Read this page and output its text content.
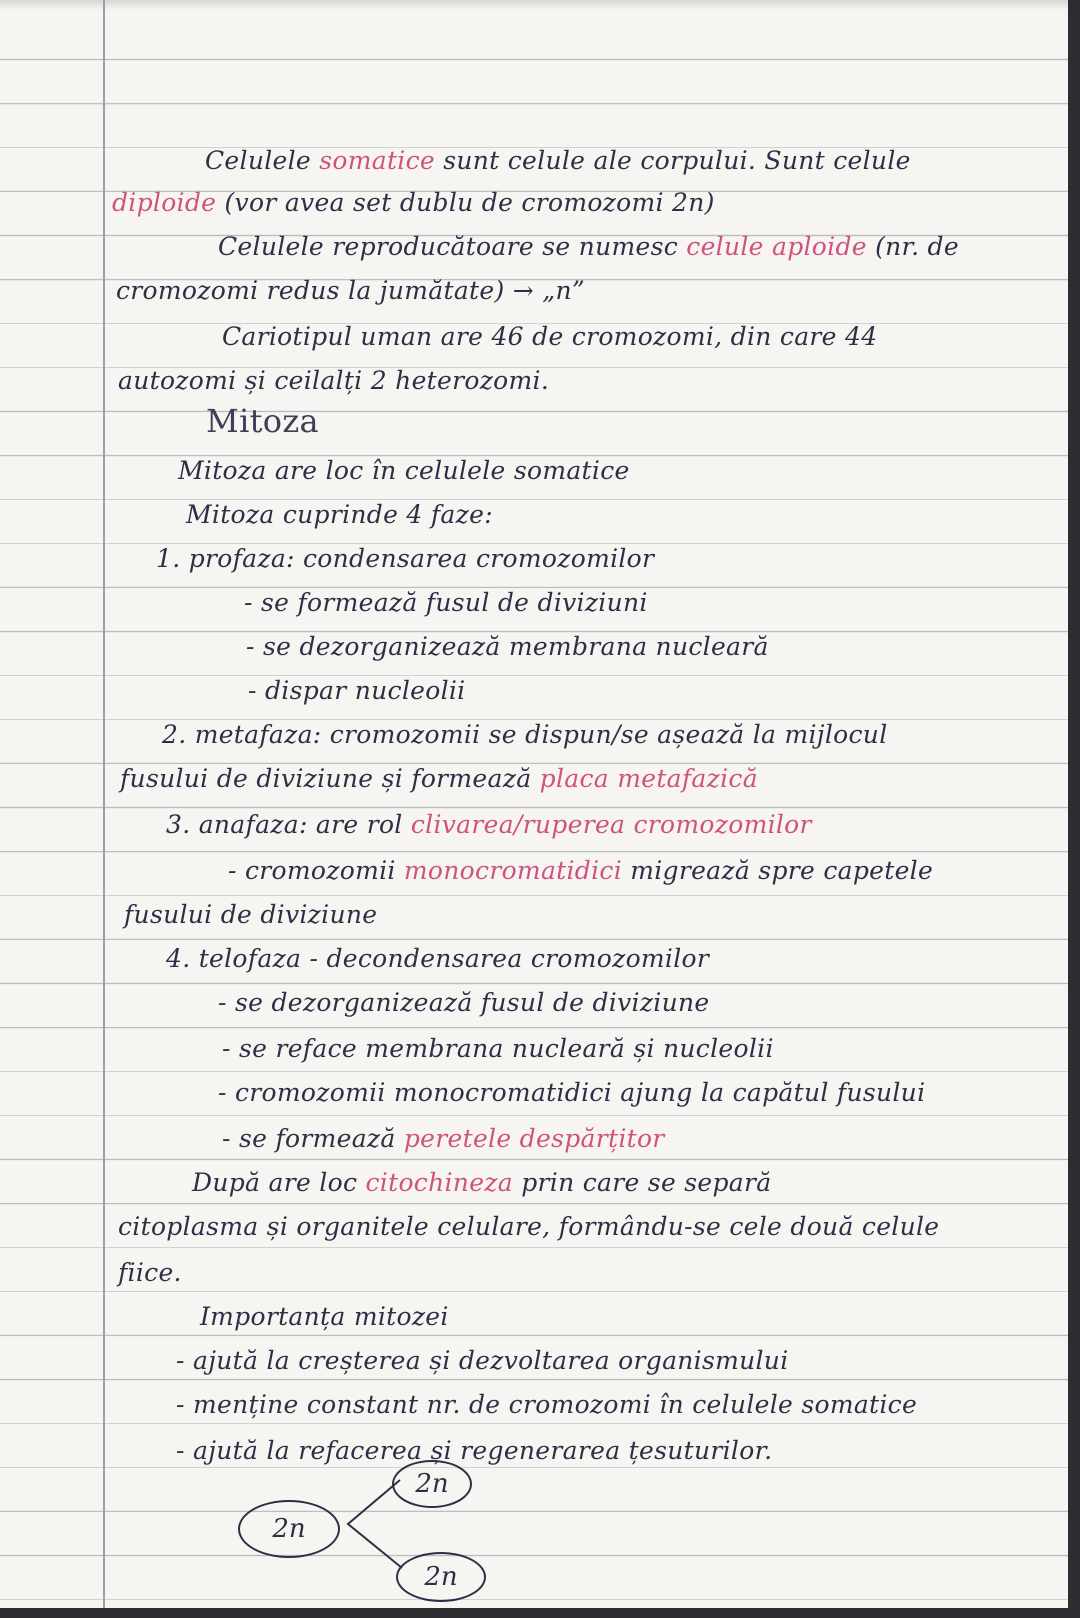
Celulele somatice sunt celule ale corpului. Sunt celule

diploide (vor avea set dublu de cromozomi 2n)

Celulele reproducătoare se numesc celule aploide (nr. de

cromozomi redus la jumătate) → „n”

Cariotipul uman are 46 de cromozomi, din care 44

autozomi și ceilalți 2 heterozomi.

Mitoza

Mitoza are loc în celulele somatice

Mitoza cuprinde 4 faze:

1. profaza: condensarea cromozomilor

- se formează fusul de diviziuni

- se dezorganizează membrana nucleară

- dispar nucleolii

2. metafaza: cromozomii se dispun/se așează la mijlocul

fusului de diviziune și formează placa metafazică

3. anafaza: are rol clivarea/ruperea cromozomilor

- cromozomii monocromatidici migrează spre capetele

fusului de diviziune

4. telofaza - decondensarea cromozomilor

- se dezorganizează fusul de diviziune

- se reface membrana nucleară și nucleolii

- cromozomii monocromatidici ajung la capătul fusului

- se formează peretele despărțitor

După are loc citochineza prin care se separă

citoplasma și organitele celulare, formându-se cele două celule

fiice.

Importanța mitozei

- ajută la creșterea și dezvoltarea organismului

- menține constant nr. de cromozomi în celulele somatice

- ajută la refacerea și regenerarea țesuturilor.

2n
2n
2n
